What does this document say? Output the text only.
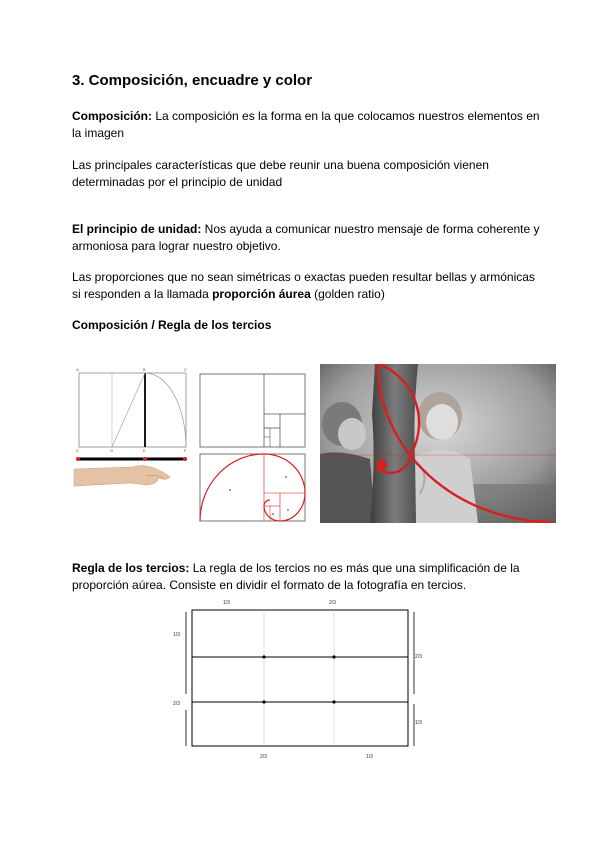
3. Composición, encuadre y color
Composición: La composición es la forma en la que colocamos nuestros elementos en la imagen
Las principales características que debe reunir una buena composición vienen determinadas por el principio de unidad
El principio de unidad: Nos ayuda a comunicar nuestro mensaje de forma coherente y armoniosa para lograr nuestro objetivo.
Las proporciones que no sean simétricas o exactas pueden resultar bellas y armónicas si responden a la llamada proporción áurea (golden ratio)
Composición / Regla de los tercios
A	B	C
D	E	F
G
Regla de los tercios: La regla de los tercios no es más que una simplificación de la proporción aúrea. Consiste en dividir el formato de la fotografía en tercios.
1/3	2/3
1/3
2/3
2/3
1/3
2/3	1/3
